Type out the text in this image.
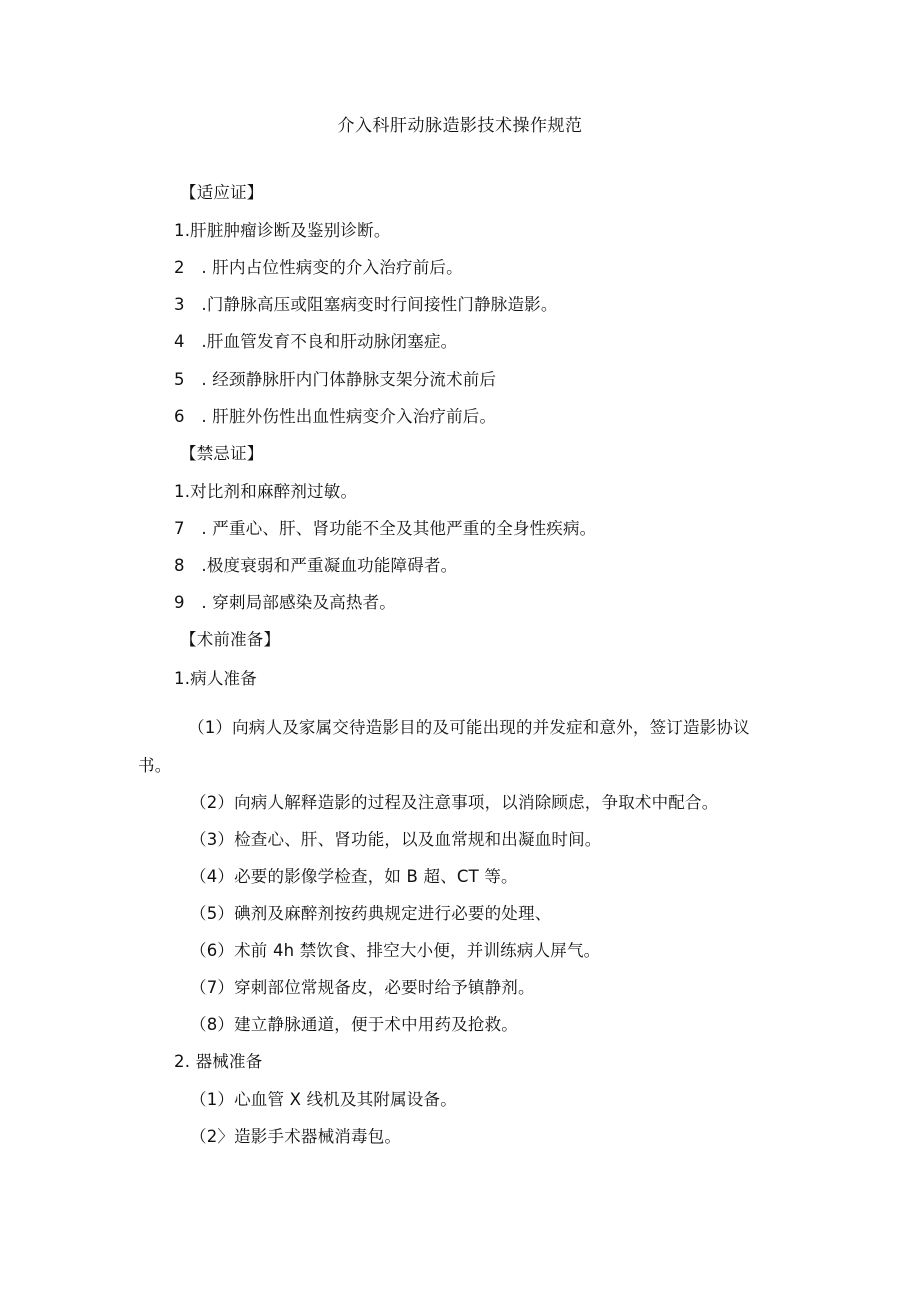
介入科肝动脉造影技术操作规范
【适应证】
1.肝脏肿瘤诊断及鉴别诊断。
2　. 肝内占位性病变的介入治疗前后。
3　.门静脉高压或阻塞病变时行间接性门静脉造影。
4　.肝血管发育不良和肝动脉闭塞症。
5　. 经颈静脉肝内门体静脉支架分流术前后
6　. 肝脏外伤性出血性病变介入治疗前后。
【禁忌证】
1.对比剂和麻醉剂过敏。
7　. 严重心、肝、肾功能不全及其他严重的全身性疾病。
8　.极度衰弱和严重凝血功能障碍者。
9　. 穿刺局部感染及高热者。
【术前准备】
1.病人准备
（1）向病人及家属交待造影目的及可能出现的并发症和意外，签订造影协议书。
（2）向病人解释造影的过程及注意事项，以消除顾虑，争取术中配合。
（3）检查心、肝、肾功能，以及血常规和出凝血时间。
（4）必要的影像学检查，如 B 超、CT 等。
（5）碘剂及麻醉剂按药典规定进行必要的处理、
（6）术前 4h 禁饮食、排空大小便，并训练病人屏气。
（7）穿刺部位常规备皮，必要时给予镇静剂。
（8）建立静脉通道，便于术中用药及抢救。
2. 器械准备
（1）心血管 X 线机及其附属设备。
（2〉造影手术器械消毒包。
